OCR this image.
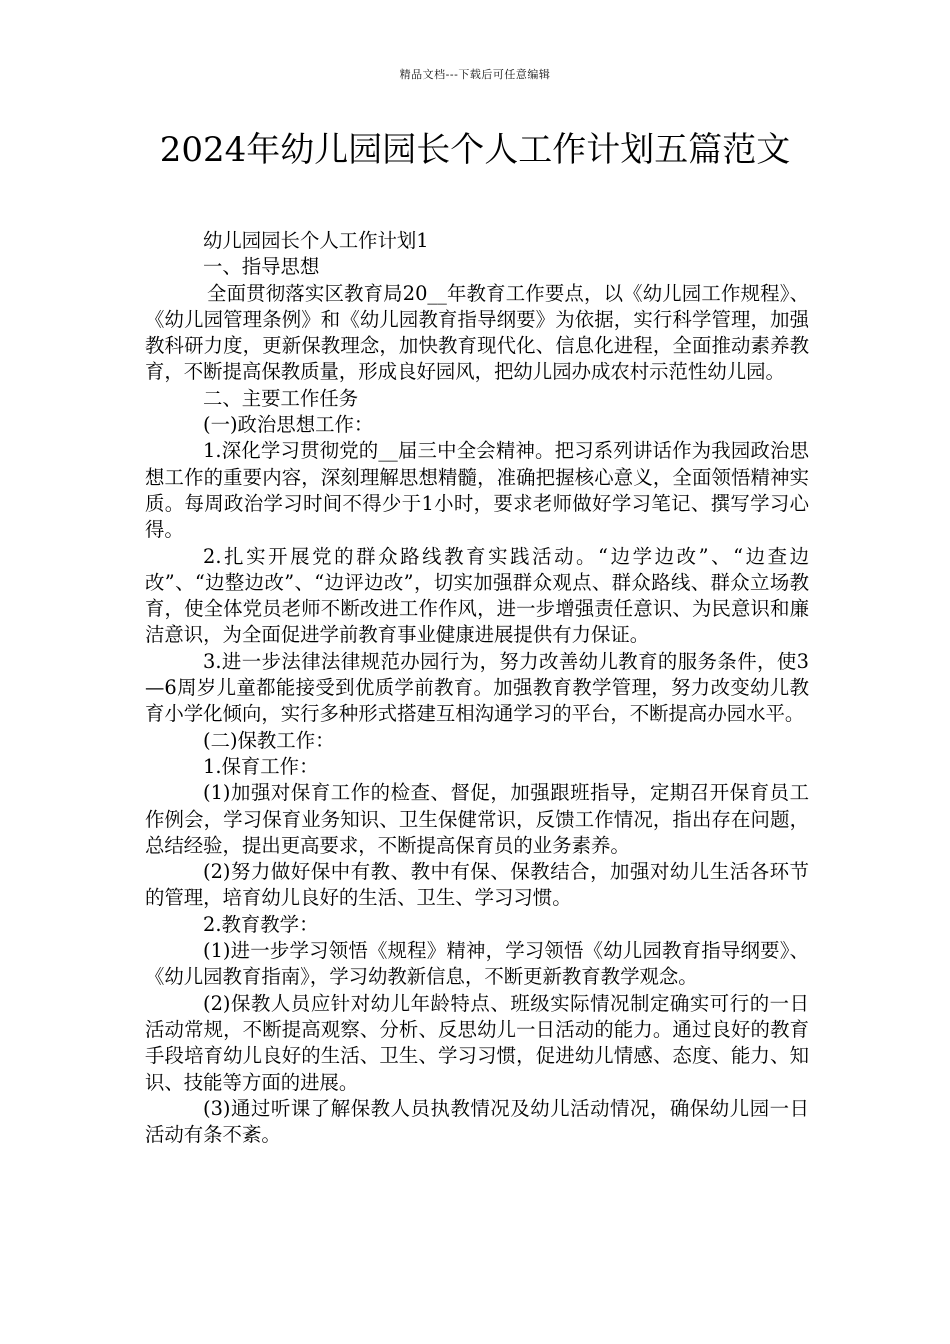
精品文档---下载后可任意编辑
2024年幼儿园园长个人工作计划五篇范文

幼儿园园长个人工作计划1

一、指导思想

全面贯彻落实区教育局20__年教育工作要点，以《幼儿园工作规程》、《幼儿园管理条例》和《幼儿园教育指导纲要》为依据，实行科学管理，加强教科研力度，更新保教理念，加快教育现代化、信息化进程，全面推动素养教育，不断提高保教质量，形成良好园风，把幼儿园办成农村示范性幼儿园。

二、主要工作任务

(一)政治思想工作：

1.深化学习贯彻党的__届三中全会精神。把习系列讲话作为我园政治思想工作的重要内容，深刻理解思想精髓，准确把握核心意义，全面领悟精神实质。每周政治学习时间不得少于1小时，要求老师做好学习笔记、撰写学习心得。

2.扎实开展党的群众路线教育实践活动。“边学边改”、“边查边改”、“边整边改”、“边评边改”，切实加强群众观点、群众路线、群众立场教育，使全体党员老师不断改进工作作风，进一步增强责任意识、为民意识和廉洁意识，为全面促进学前教育事业健康进展提供有力保证。

3.进一步法律法律规范办园行为，努力改善幼儿教育的服务条件，使3—6周岁儿童都能接受到优质学前教育。加强教育教学管理，努力改变幼儿教育小学化倾向，实行多种形式搭建互相沟通学习的平台，不断提高办园水平。

(二)保教工作：

1.保育工作：

(1)加强对保育工作的检查、督促，加强跟班指导，定期召开保育员工作例会，学习保育业务知识、卫生保健常识，反馈工作情况，指出存在问题，总结经验，提出更高要求，不断提高保育员的业务素养。

(2)努力做好保中有教、教中有保、保教结合，加强对幼儿生活各环节的管理，培育幼儿良好的生活、卫生、学习习惯。

2.教育教学：

(1)进一步学习领悟《规程》精神，学习领悟《幼儿园教育指导纲要》、《幼儿园教育指南》，学习幼教新信息，不断更新教育教学观念。

(2)保教人员应针对幼儿年龄特点、班级实际情况制定确实可行的一日活动常规，不断提高观察、分析、反思幼儿一日活动的能力。通过良好的教育手段培育幼儿良好的生活、卫生、学习习惯，促进幼儿情感、态度、能力、知识、技能等方面的进展。

(3)通过听课了解保教人员执教情况及幼儿活动情况，确保幼儿园一日活动有条不紊。
